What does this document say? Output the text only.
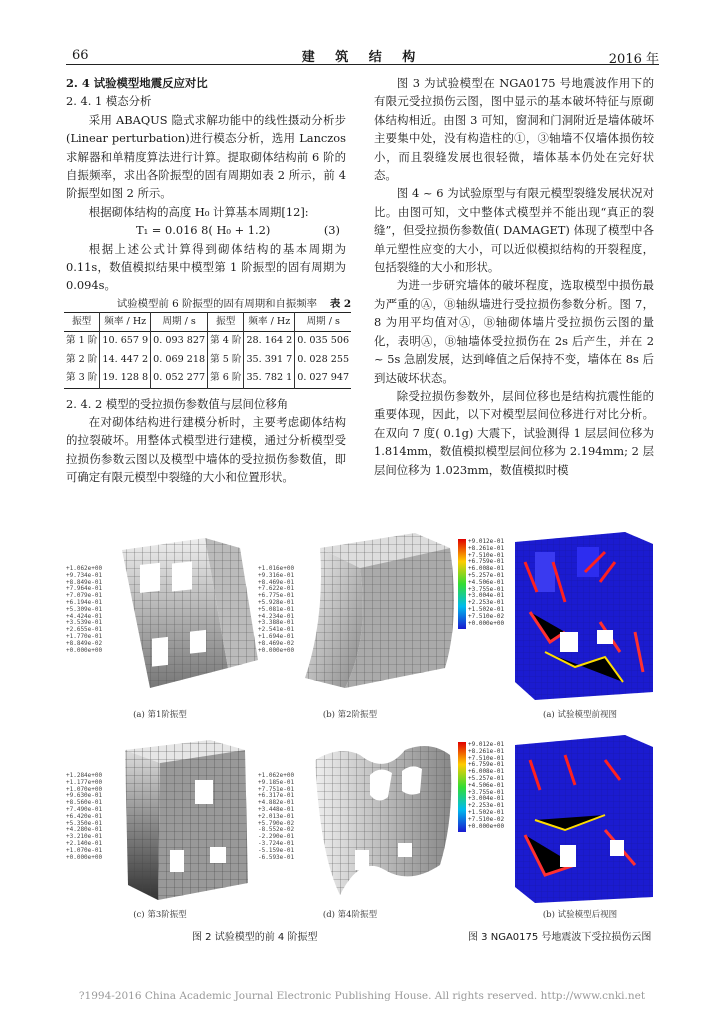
66	建 筑 结 构	2016 年

2. 4 试验模型地震反应对比

2. 4. 1 模态分析

采用 ABAQUS 隐式求解功能中的线性摄动分析步(Linear perturbation)进行模态分析，选用 Lanczos 求解器和单精度算法进行计算。提取砌体结构前 6 阶的自振频率，求出各阶振型的固有周期如表 2 所示，前 4 阶振型如图 2 所示。

根据砌体结构的高度 H₀ 计算基本周期[12]:

T₁ = 0.016 8( H₀ + 1.2)	(3)

根据上述公式计算得到砌体结构的基本周期为 0.11s，数值模拟结果中模型第 1 阶振型的固有周期为 0.094s。

试验模型前 6 阶振型的固有周期和自振频率 表 2
振型	频率 / Hz	周期 / s	振型	频率 / Hz	周期 / s
第 1 阶	10. 657 9	0. 093 827	第 4 阶	28. 164 2	0. 035 506
第 2 阶	14. 447 2	0. 069 218	第 5 阶	35. 391 7	0. 028 255
第 3 阶	19. 128 8	0. 052 277	第 6 阶	35. 782 1	0. 027 947

2. 4. 2 模型的受拉损伤参数值与层间位移角

在对砌体结构进行建模分析时，主要考虑砌体结构的拉裂破坏。用整体式模型进行建模，通过分析模型受拉损伤参数云图以及模型中墙体的受拉损伤参数值，即可确定有限元模型中裂缝的大小和位置形状。

图 3 为试验模型在 NGA0175 号地震波作用下的有限元受拉损伤云图，图中显示的基本破坏特征与原砌体结构相近。由图 3 可知，窗洞和门洞附近是墙体破坏主要集中处，没有构造柱的①，③轴墙不仅墙体损伤较小，而且裂缝发展也很轻微，墙体基本仍处在完好状态。

图 4 ~ 6 为试验原型与有限元模型裂缝发展状况对比。由图可知，文中整体式模型并不能出现“真正的裂缝”，但受拉损伤参数值( DAMAGET) 体现了模型中各单元塑性应变的大小，可以近似模拟结构的开裂程度，包括裂缝的大小和形状。

为进一步研究墙体的破坏程度，选取模型中损伤最为严重的Ⓐ，Ⓑ轴纵墙进行受拉损伤参数分析。图 7，8 为用平均值对Ⓐ，Ⓑ轴砌体墙片受拉损伤云图的量化，表明Ⓐ，Ⓑ轴墙体受拉损伤在 2s 后产生，并在 2 ~ 5s 急剧发展，达到峰值之后保持不变，墙体在 8s 后到达破坏状态。

除受拉损伤参数外，层间位移也是结构抗震性能的重要体现，因此，以下对模型层间位移进行对比分析。在双向 7 度( 0.1g) 大震下，试验测得 1 层层间位移为 1.814mm，数值模拟模型层间位移为 2.194mm; 2 层层间位移为 1.023mm，数值模拟时模

+1.062e+00
+9.734e-01
+8.849e-01
+7.964e-01
+7.079e-01
+6.194e-01
+5.309e-01
+4.424e-01
+3.539e-01
+2.655e-01
+1.770e-01
+8.849e-02
+0.000e+00
(a) 第1阶振型
+1.016e+00
+9.316e-01
+8.469e-01
+7.622e-01
+6.775e-01
+5.928e-01
+5.081e-01
+4.234e-01
+3.388e-01
+2.541e-01
+1.694e-01
+8.469e-02
+0.000e+00
(b) 第2阶振型
+9.012e-01
+8.261e-01
+7.510e-01
+6.759e-01
+6.008e-01
+5.257e-01
+4.506e-01
+3.755e-01
+3.004e-01
+2.253e-01
+1.502e-01
+7.510e-02
+0.000e+00
(a) 试验模型前视图
+1.284e+00
+1.177e+00
+1.070e+00
+9.630e-01
+8.560e-01
+7.490e-01
+6.420e-01
+5.350e-01
+4.280e-01
+3.210e-01
+2.140e-01
+1.070e-01
+0.000e+00
(c) 第3阶振型
+1.062e+00
+9.185e-01
+7.751e-01
+6.317e-01
+4.882e-01
+3.448e-01
+2.013e-01
+5.790e-02
-8.552e-02
-2.290e-01
-3.724e-01
-5.159e-01
-6.593e-01
(d) 第4阶振型
+9.012e-01
+8.261e-01
+7.510e-01
+6.759e-01
+6.008e-01
+5.257e-01
+4.506e-01
+3.755e-01
+3.004e-01
+2.253e-01
+1.502e-01
+7.510e-02
+0.000e+00
(b) 试验模型后视图
图 2 试验模型的前 4 阶振型	图 3 NGA0175 号地震波下受拉损伤云图
?1994-2016 China Academic Journal Electronic Publishing House. All rights reserved. http://www.cnki.net
